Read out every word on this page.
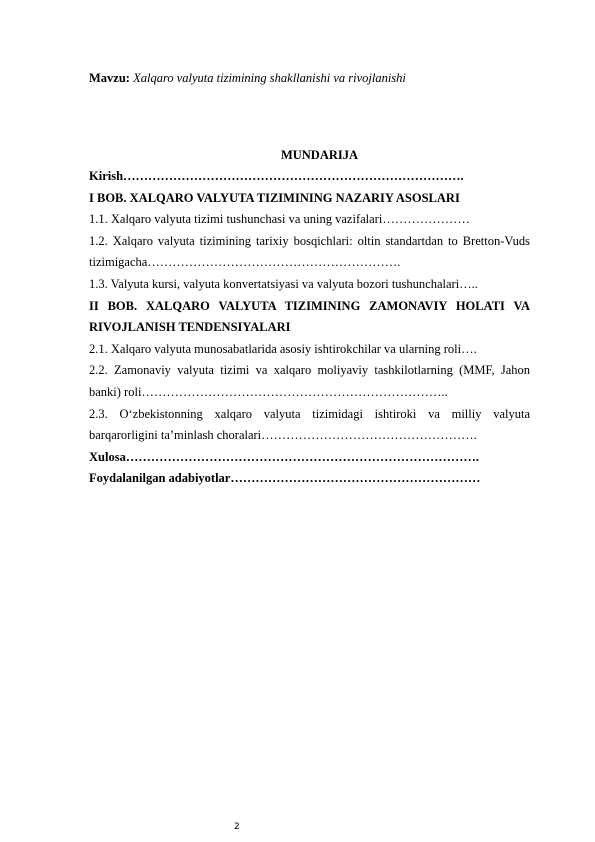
Mavzu: Xalqaro valyuta tizimining shakllanishi va rivojlanishi
MUNDARIJA
Kirish……………………………………………………………………….
I BOB. XALQARO VALYUTA TIZIMINING NAZARIY ASOSLARI
1.1. Xalqaro valyuta tizimi tushunchasi va uning vazifalari…………………
1.2. Xalqaro valyuta tizimining tarixiy bosqichlari: oltin standartdan to Bretton-Vuds tizimigacha…………………………………………………….
1.3. Valyuta kursi, valyuta konvertatsiyasi va valyuta bozori tushunchalari…..
II BOB. XALQARO VALYUTA TIZIMINING ZAMONAVIY HOLATI VA RIVOJLANISH TENDENSIYALARI
2.1. Xalqaro valyuta munosabatlarida asosiy ishtirokchilar va ularning roli….
2.2. Zamonaviy valyuta tizimi va xalqaro moliyaviy tashkilotlarning (MMF, Jahon banki) roli………………………………………………………………..
2.3. O‘zbekistonning xalqaro valyuta tizimidagi ishtiroki va milliy valyuta barqarorligini ta’minlash choralari…………………………………………….
Xulosa………………………………………………………………………….
Foydalanilgan adabiyotlar……………………………………………………
2
